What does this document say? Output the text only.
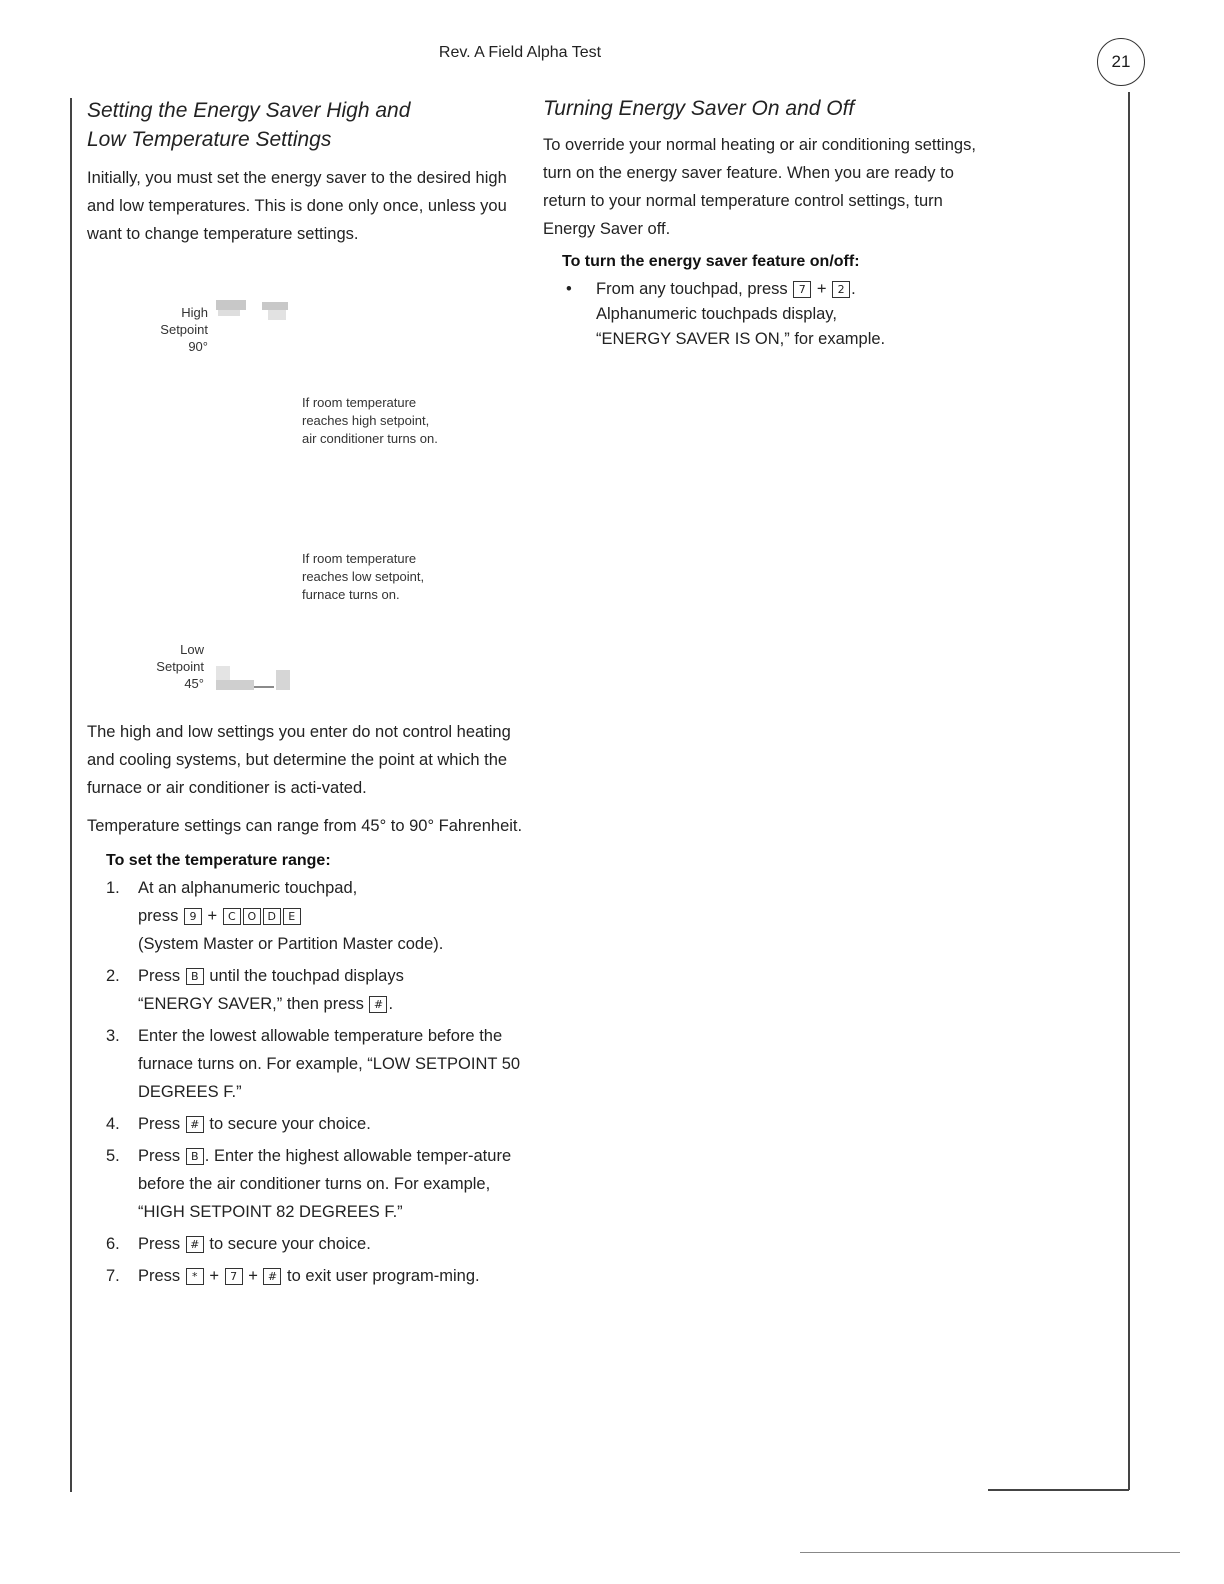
Rev. A Field Alpha Test	21
Setting the Energy Saver High and
Low Temperature Settings

Initially, you must set the energy saver to the desired high and low temperatures. This is done only once, unless you want to change temperature settings.

High
Setpoint
90°
If room temperature
reaches high setpoint,
air conditioner turns on.
If room temperature
reaches low setpoint,
furnace turns on.
Low
Setpoint
45°

The high and low settings you enter do not control heating and cooling systems, but determine the point at which the furnace or air conditioner is acti-vated.

Temperature settings can range from 45° to 90° Fahrenheit.

To set the temperature range:
1. At an alphanumeric touchpad,
press 9 + C O D E
(System Master or Partition Master code).
2. Press B until the touchpad displays
“ENERGY SAVER,” then press # .
3. Enter the lowest allowable temperature before the furnace turns on. For example, “LOW SETPOINT 50 DEGREES F.”
4. Press # to secure your choice.
5. Press B . Enter the highest allowable temper-ature before the air conditioner turns on. For example, “HIGH SETPOINT 82 DEGREES F.”
6. Press # to secure your choice.
7. Press * + 7 + # to exit user program-ming.
Turning Energy Saver On and Off

To override your normal heating or air conditioning settings, turn on the energy saver feature. When you are ready to return to your normal temperature control settings, turn Energy Saver off.

To turn the energy saver feature on/off:
• From any touchpad, press 7 + 2 .
Alphanumeric touchpads display,
“ENERGY SAVER IS ON,” for example.
